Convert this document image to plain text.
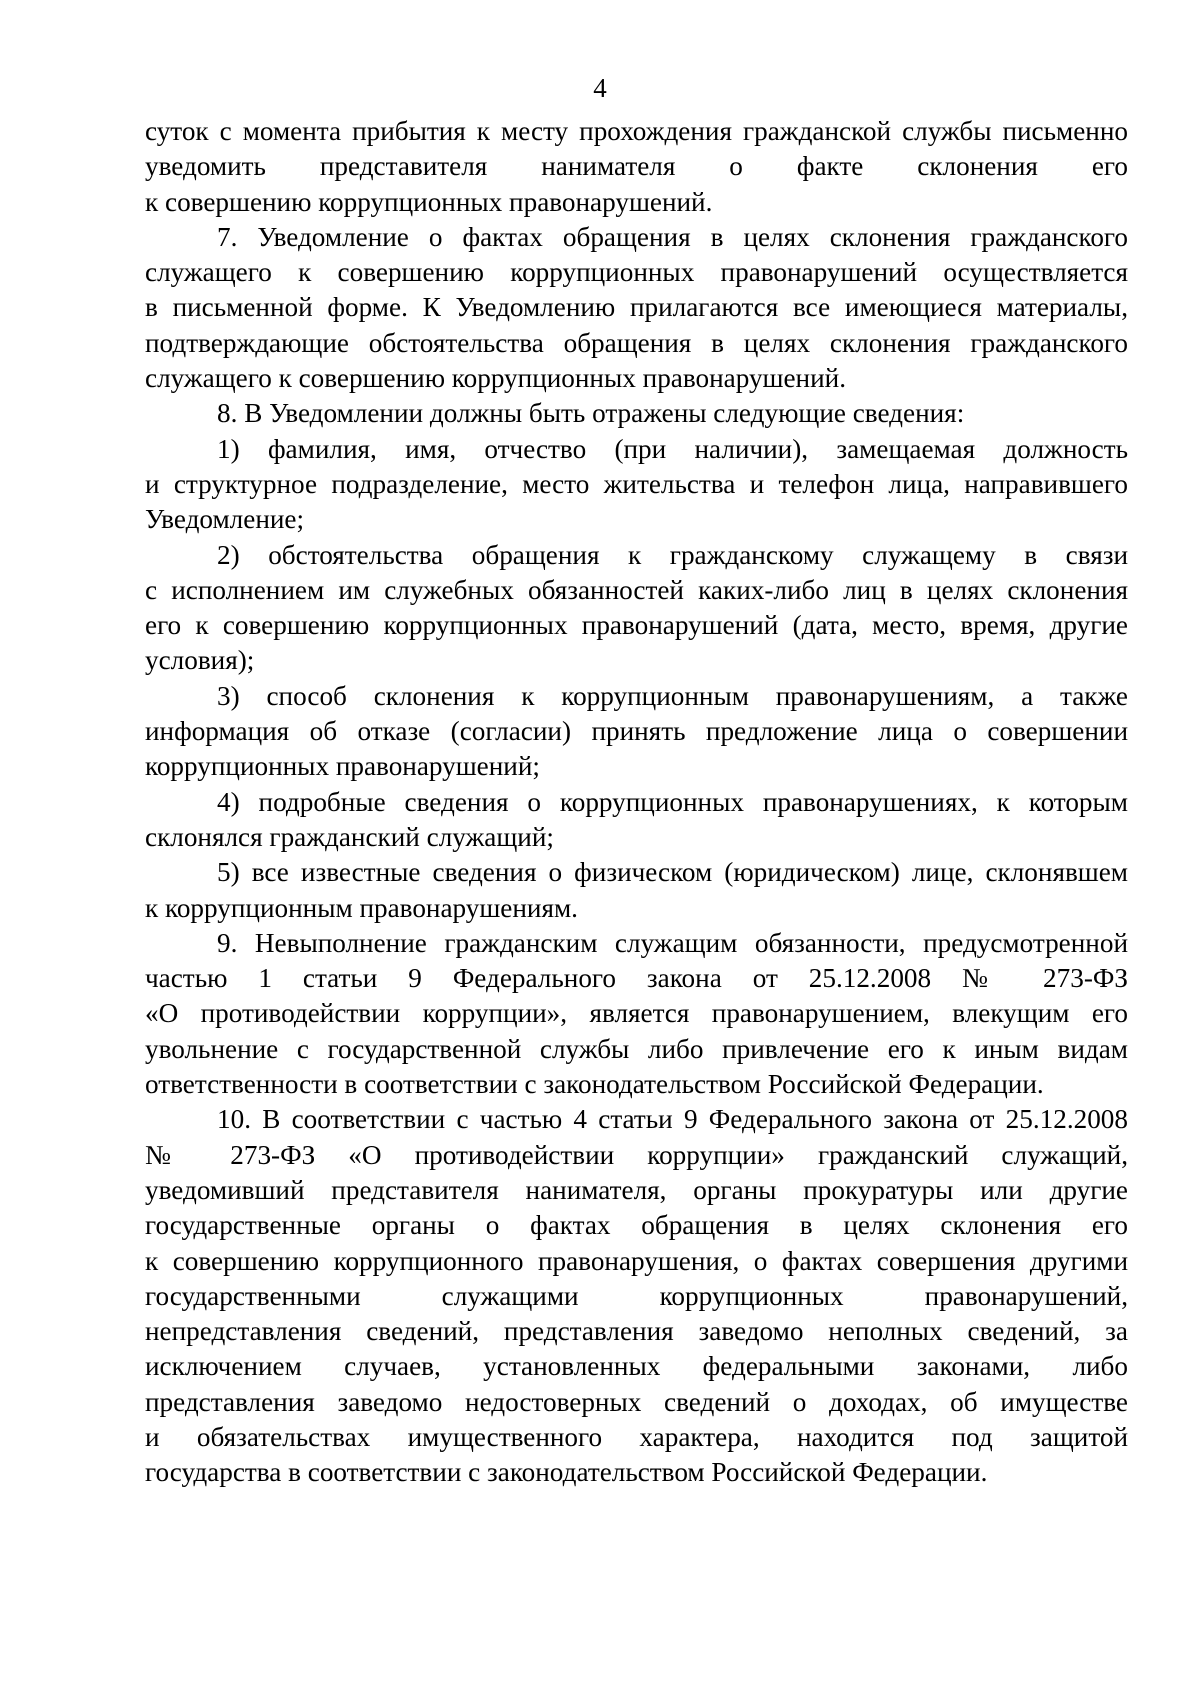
4
суток с момента прибытия к месту прохождения гражданской службы письменно
уведомить представителя нанимателя о факте склонения его
к совершению коррупционных правонарушений.
7. Уведомление о фактах обращения в целях склонения гражданского
служащего к совершению коррупционных правонарушений осуществляется
в письменной форме. К Уведомлению прилагаются все имеющиеся материалы,
подтверждающие обстоятельства обращения в целях склонения гражданского
служащего к совершению коррупционных правонарушений.
8. В Уведомлении должны быть отражены следующие сведения:
1) фамилия, имя, отчество (при наличии), замещаемая должность
и структурное подразделение, место жительства и телефон лица, направившего
Уведомление;
2) обстоятельства обращения к гражданскому служащему в связи
с исполнением им служебных обязанностей каких-либо лиц в целях склонения
его к совершению коррупционных правонарушений (дата, место, время, другие
условия);
3) способ склонения к коррупционным правонарушениям, а также
информация об отказе (согласии) принять предложение лица о совершении
коррупционных правонарушений;
4) подробные сведения о коррупционных правонарушениях, к которым
склонялся гражданский служащий;
5) все известные сведения о физическом (юридическом) лице, склонявшем
к коррупционным правонарушениям.
9. Невыполнение гражданским служащим обязанности, предусмотренной
частью 1 статьи 9 Федерального закона от 25.12.2008 № 273-ФЗ
«О противодействии коррупции», является правонарушением, влекущим его
увольнение с государственной службы либо привлечение его к иным видам
ответственности в соответствии с законодательством Российской Федерации.
10. В соответствии с частью 4 статьи 9 Федерального закона от 25.12.2008
№ 273-ФЗ «О противодействии коррупции» гражданский служащий,
уведомивший представителя нанимателя, органы прокуратуры или другие
государственные органы о фактах обращения в целях склонения его
к совершению коррупционного правонарушения, о фактах совершения другими
государственными служащими коррупционных правонарушений,
непредставления сведений, представления заведомо неполных сведений, за
исключением случаев, установленных федеральными законами, либо
представления заведомо недостоверных сведений о доходах, об имуществе
и обязательствах имущественного характера, находится под защитой
государства в соответствии с законодательством Российской Федерации.
